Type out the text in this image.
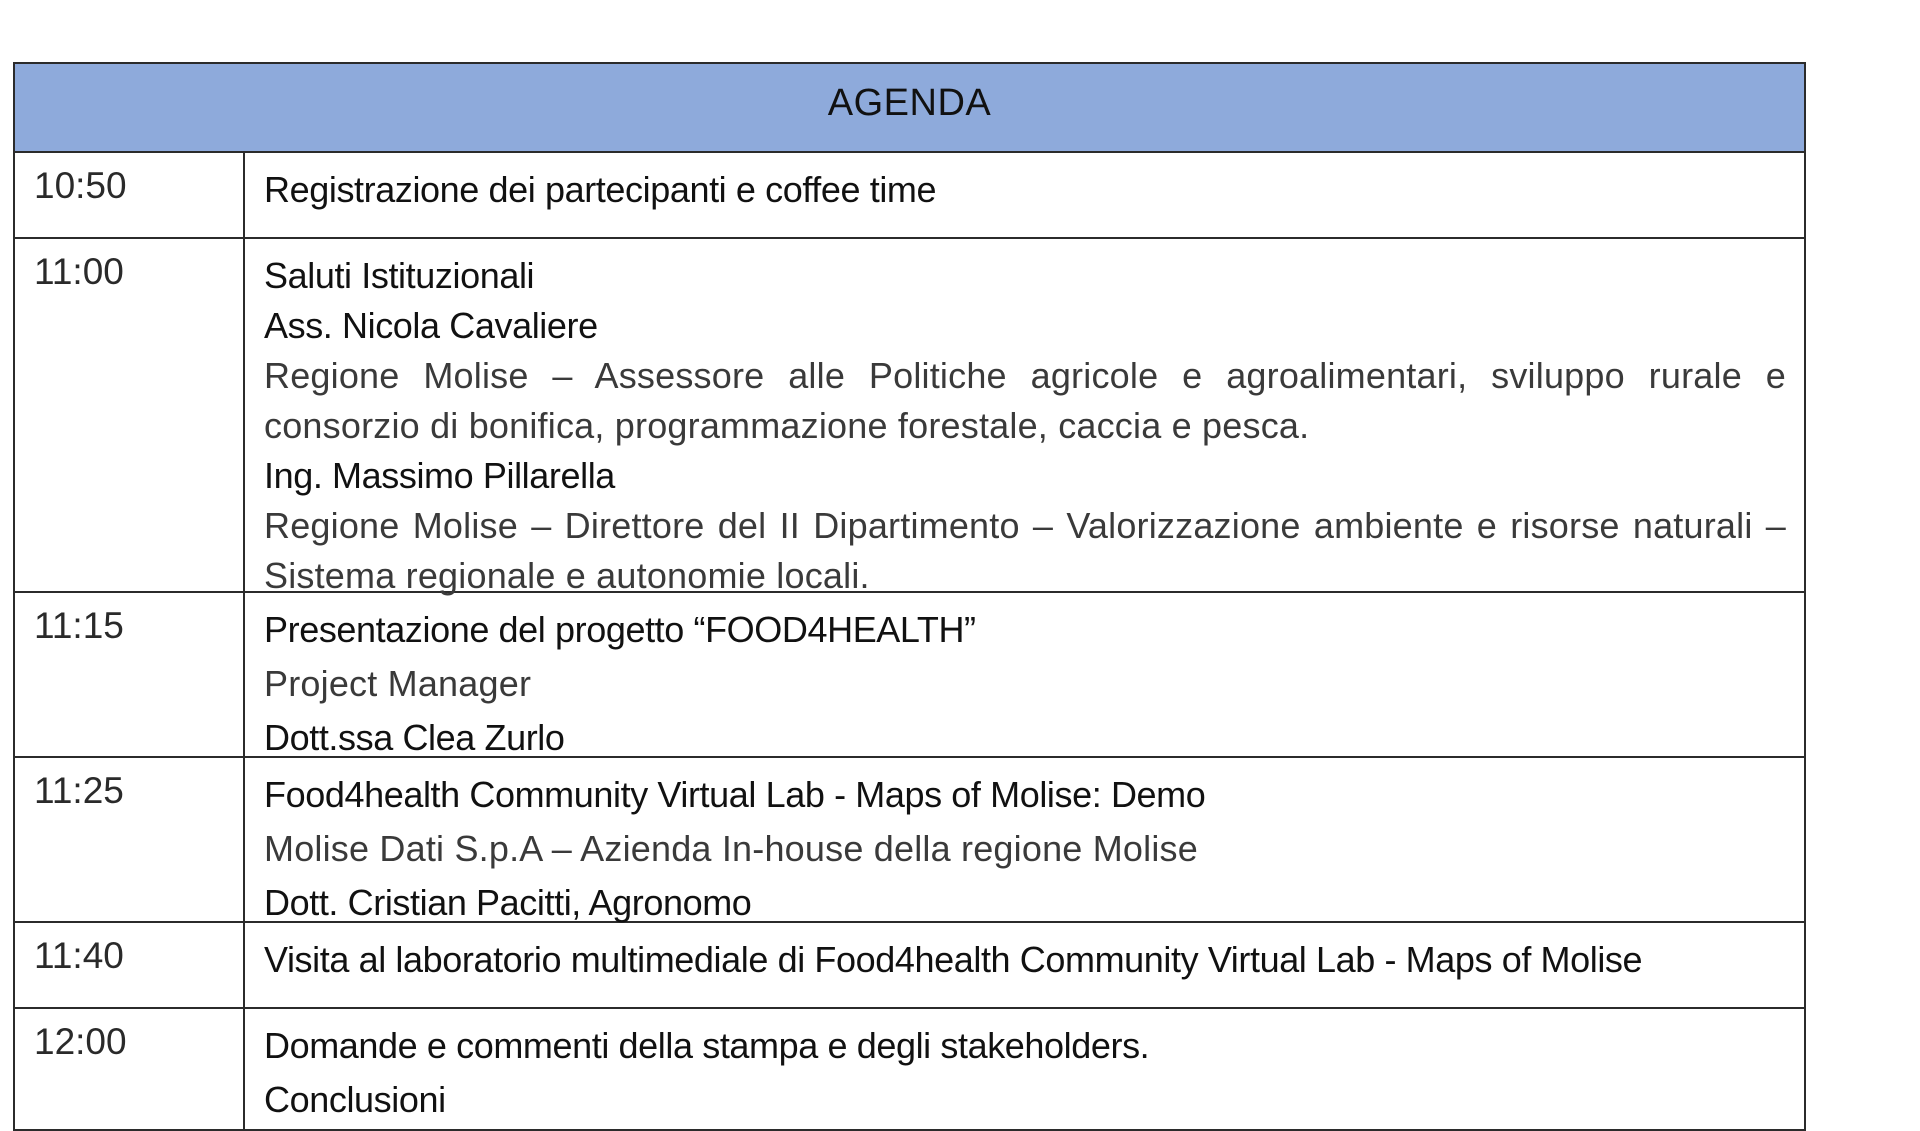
AGENDA
10:50	Registrazione dei partecipanti e coffee time
11:00	Saluti Istituzionali
Ass. Nicola Cavaliere
Regione Molise – Assessore alle Politiche agricole e agroalimentari, sviluppo rurale e consorzio di bonifica, programmazione forestale, caccia e pesca.
Ing. Massimo Pillarella
Regione Molise – Direttore del II Dipartimento – Valorizzazione ambiente e risorse naturali – Sistema regionale e autonomie locali.
11:15	Presentazione del progetto “FOOD4HEALTH”
Project Manager
Dott.ssa Clea Zurlo
11:25	Food4health Community Virtual Lab - Maps of Molise: Demo
Molise Dati S.p.A – Azienda In-house della regione Molise
Dott. Cristian Pacitti, Agronomo
11:40	Visita al laboratorio multimediale di Food4health Community Virtual Lab - Maps of Molise
12:00	Domande e commenti della stampa e degli stakeholders.
Conclusioni
